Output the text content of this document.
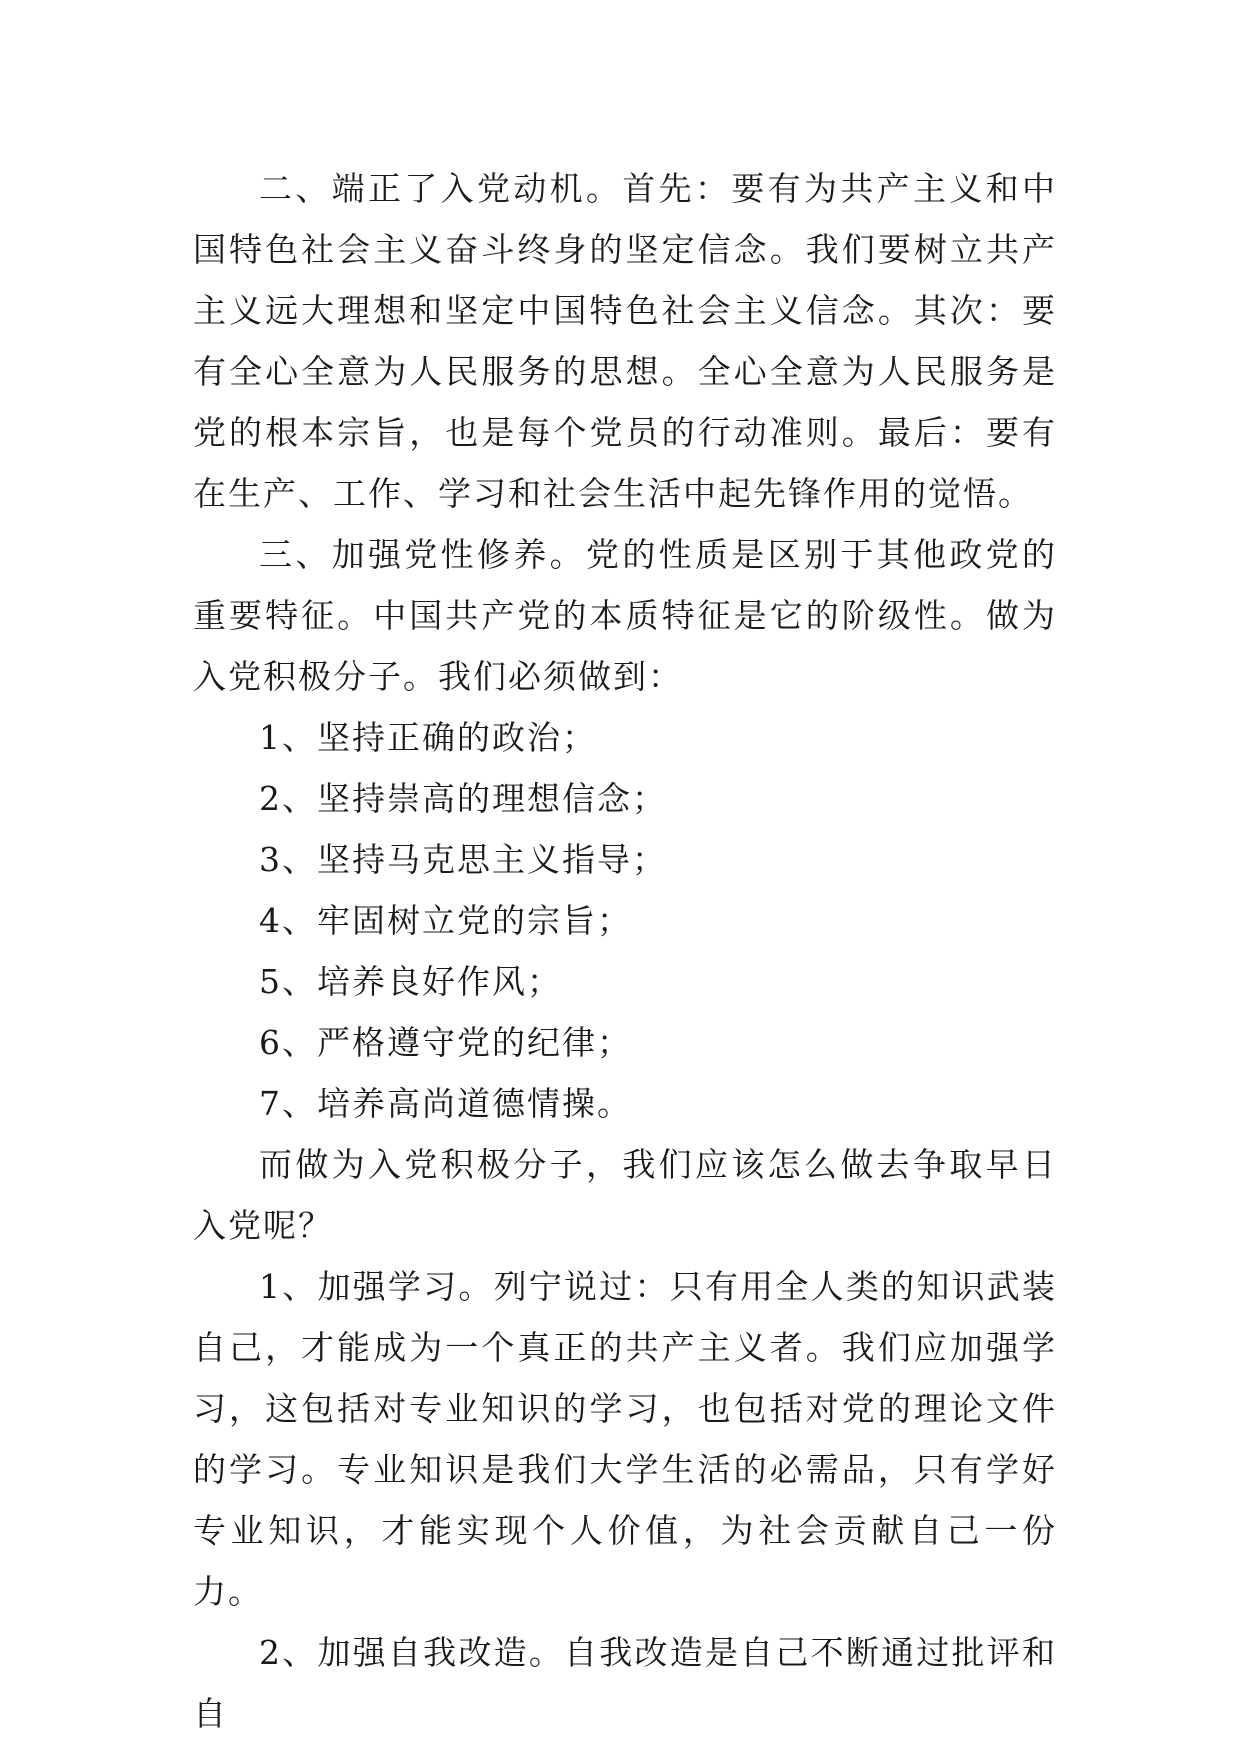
二、端正了入党动机。首先：要有为共产主义和中国特色社会主义奋斗终身的坚定信念。我们要树立共产主义远大理想和坚定中国特色社会主义信念。其次：要有全心全意为人民服务的思想。全心全意为人民服务是党的根本宗旨，也是每个党员的行动准则。最后：要有在生产、工作、学习和社会生活中起先锋作用的觉悟。

三、加强党性修养。党的性质是区别于其他政党的重要特征。中国共产党的本质特征是它的阶级性。做为入党积极分子。我们必须做到：

1、坚持正确的政治；

2、坚持崇高的理想信念；

3、坚持马克思主义指导；

4、牢固树立党的宗旨；

5、培养良好作风；

6、严格遵守党的纪律；

7、培养高尚道德情操。

而做为入党积极分子，我们应该怎么做去争取早日入党呢？

1、加强学习。列宁说过：只有用全人类的知识武装自己，才能成为一个真正的共产主义者。我们应加强学习，这包括对专业知识的学习，也包括对党的理论文件的学习。专业知识是我们大学生活的必需品，只有学好专业知识，才能实现个人价值，为社会贡献自己一份力。

2、加强自我改造。自我改造是自己不断通过批评和自
